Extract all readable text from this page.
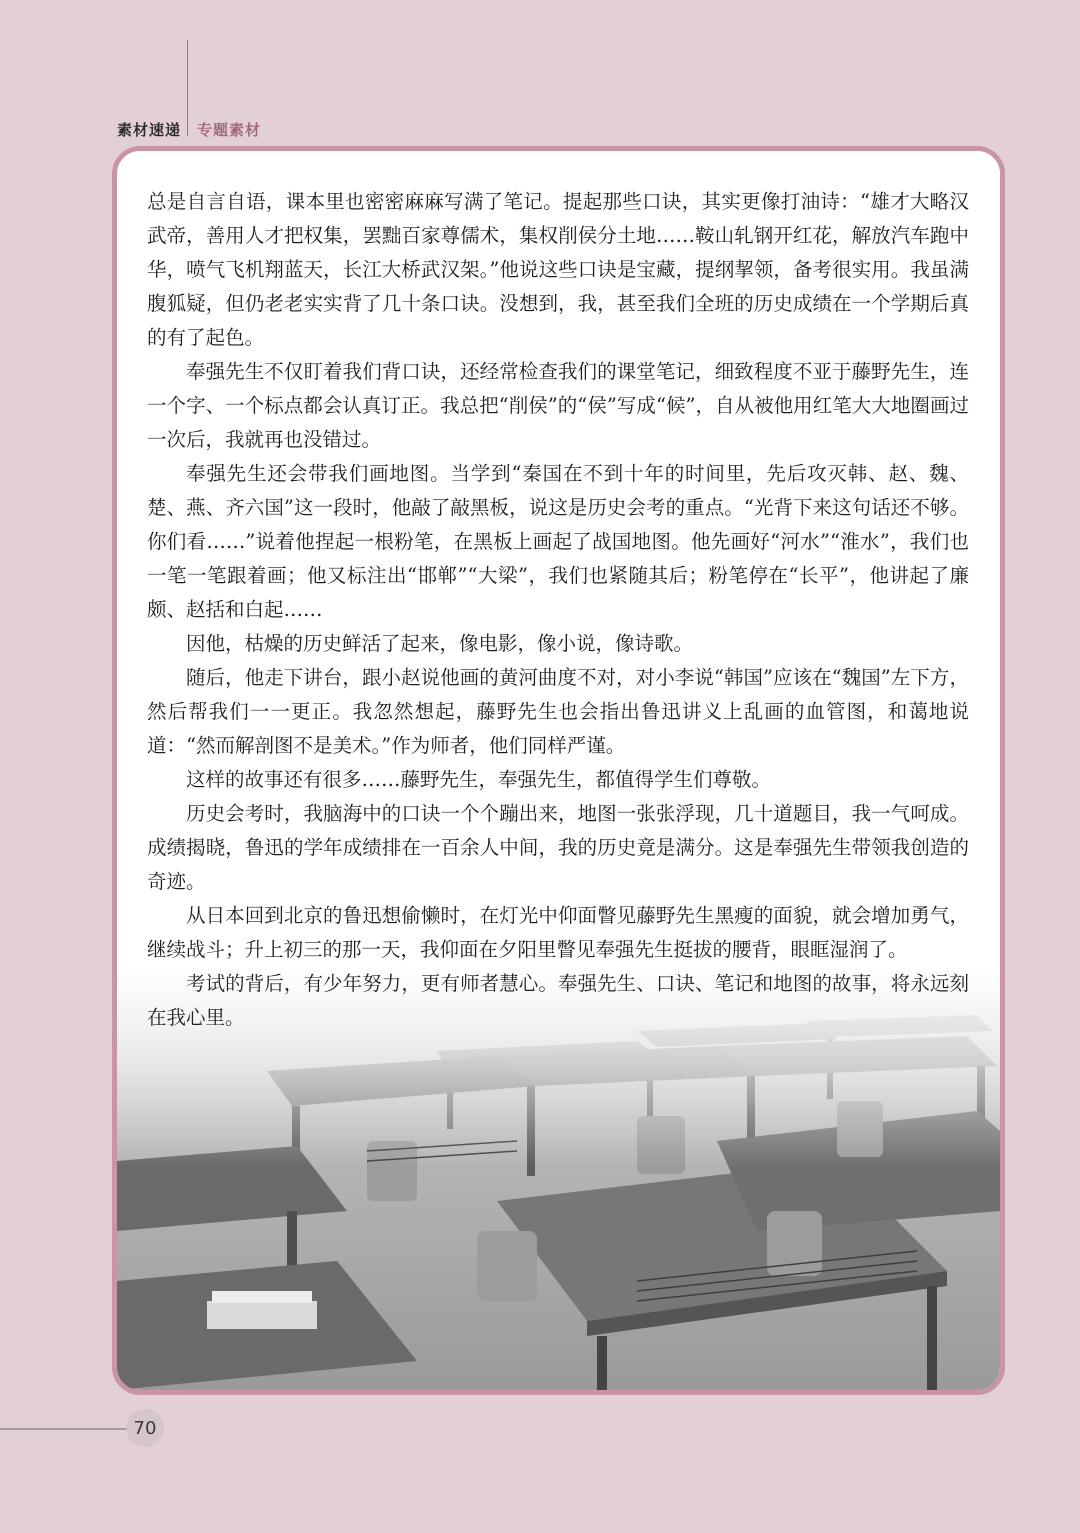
素材速递 专题素材

总是自言自语，课本里也密密麻麻写满了笔记。提起那些口诀，其实更像打油诗：“雄才大略汉武帝，善用人才把权集，罢黜百家尊儒术，集权削侯分土地……鞍山轧钢开红花，解放汽车跑中华，喷气飞机翔蓝天，长江大桥武汉架。”他说这些口诀是宝藏，提纲挈领，备考很实用。我虽满腹狐疑，但仍老老实实背了几十条口诀。没想到，我，甚至我们全班的历史成绩在一个学期后真的有了起色。

奉强先生不仅盯着我们背口诀，还经常检查我们的课堂笔记，细致程度不亚于藤野先生，连一个字、一个标点都会认真订正。我总把“削侯”的“侯”写成“候”，自从被他用红笔大大地圈画过一次后，我就再也没错过。

奉强先生还会带我们画地图。当学到“秦国在不到十年的时间里，先后攻灭韩、赵、魏、楚、燕、齐六国”这一段时，他敲了敲黑板，说这是历史会考的重点。“光背下来这句话还不够。你们看……”说着他捏起一根粉笔，在黑板上画起了战国地图。他先画好“河水”“淮水”，我们也一笔一笔跟着画；他又标注出“邯郸”“大梁”，我们也紧随其后；粉笔停在“长平”，他讲起了廉颇、赵括和白起……

因他，枯燥的历史鲜活了起来，像电影，像小说，像诗歌。

随后，他走下讲台，跟小赵说他画的黄河曲度不对，对小李说“韩国”应该在“魏国”左下方，然后帮我们一一更正。我忽然想起，藤野先生也会指出鲁迅讲义上乱画的血管图，和蔼地说道：“然而解剖图不是美术。”作为师者，他们同样严谨。

这样的故事还有很多……藤野先生，奉强先生，都值得学生们尊敬。

历史会考时，我脑海中的口诀一个个蹦出来，地图一张张浮现，几十道题目，我一气呵成。成绩揭晓，鲁迅的学年成绩排在一百余人中间，我的历史竟是满分。这是奉强先生带领我创造的奇迹。

从日本回到北京的鲁迅想偷懒时，在灯光中仰面瞥见藤野先生黑瘦的面貌，就会增加勇气，继续战斗；升上初三的那一天，我仰面在夕阳里瞥见奉强先生挺拔的腰背，眼眶湿润了。

考试的背后，有少年努力，更有师者慧心。奉强先生、口诀、笔记和地图的故事，将永远刻在我心里。

70
